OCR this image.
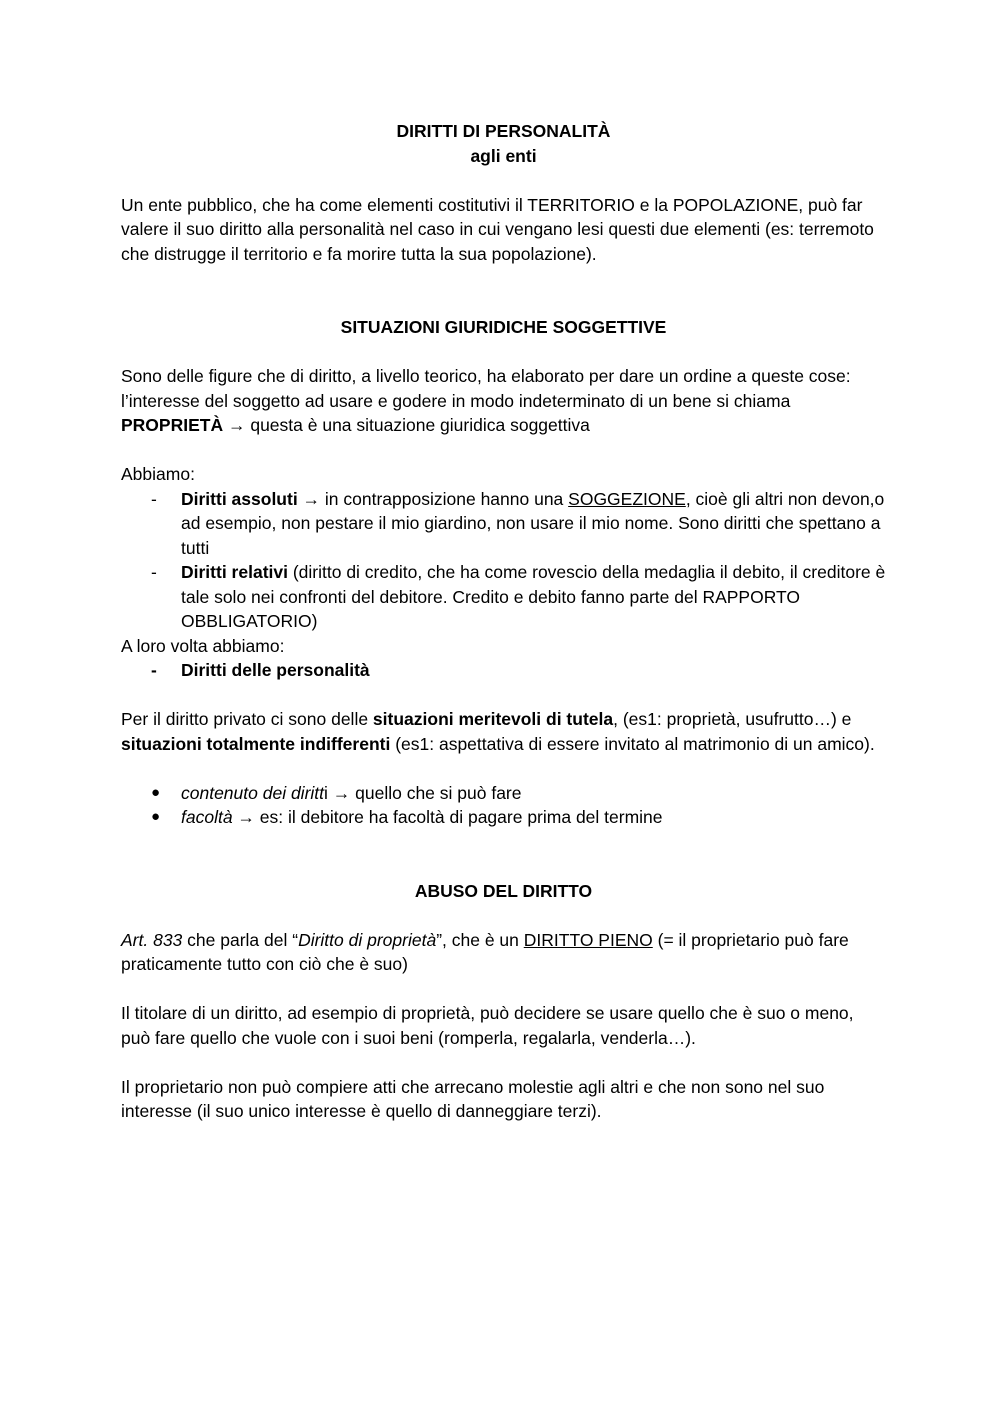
DIRITTI DI PERSONALITÀ

agli enti

Un ente pubblico, che ha come elementi costitutivi il TERRITORIO e la POPOLAZIONE, può far valere il suo diritto alla personalità nel caso in cui vengano lesi questi due elementi (es: terremoto che distrugge il territorio e fa morire tutta la sua popolazione).

SITUAZIONI GIURIDICHE SOGGETTIVE

Sono delle figure che di diritto, a livello teorico, ha elaborato per dare un ordine a queste cose: l’interesse del soggetto ad usare e godere in modo indeterminato di un bene si chiama PROPRIETÀ → questa è una situazione giuridica soggettiva

Abbiamo:

- Diritti assoluti → in contrapposizione hanno una SOGGEZIONE, cioè gli altri non devon,o ad esempio, non pestare il mio giardino, non usare il mio nome. Sono diritti che spettano a tutti
- Diritti relativi (diritto di credito, che ha come rovescio della medaglia il debito, il creditore è tale solo nei confronti del debitore. Credito e debito fanno parte del RAPPORTO OBBLIGATORIO)

A loro volta abbiamo:

- Diritti delle personalità

Per il diritto privato ci sono delle situazioni meritevoli di tutela, (es1: proprietà, usufrutto…) e situazioni totalmente indifferenti (es1: aspettativa di essere invitato al matrimonio di un amico).

● contenuto dei diritti → quello che si può fare
● facoltà → es: il debitore ha facoltà di pagare prima del termine

ABUSO DEL DIRITTO

Art. 833 che parla del “Diritto di proprietà”, che è un DIRITTO PIENO (= il proprietario può fare praticamente tutto con ciò che è suo)

Il titolare di un diritto, ad esempio di proprietà, può decidere se usare quello che è suo o meno, può fare quello che vuole con i suoi beni (romperla, regalarla, venderla…).

Il proprietario non può compiere atti che arrecano molestie agli altri e che non sono nel suo interesse (il suo unico interesse è quello di danneggiare terzi).
